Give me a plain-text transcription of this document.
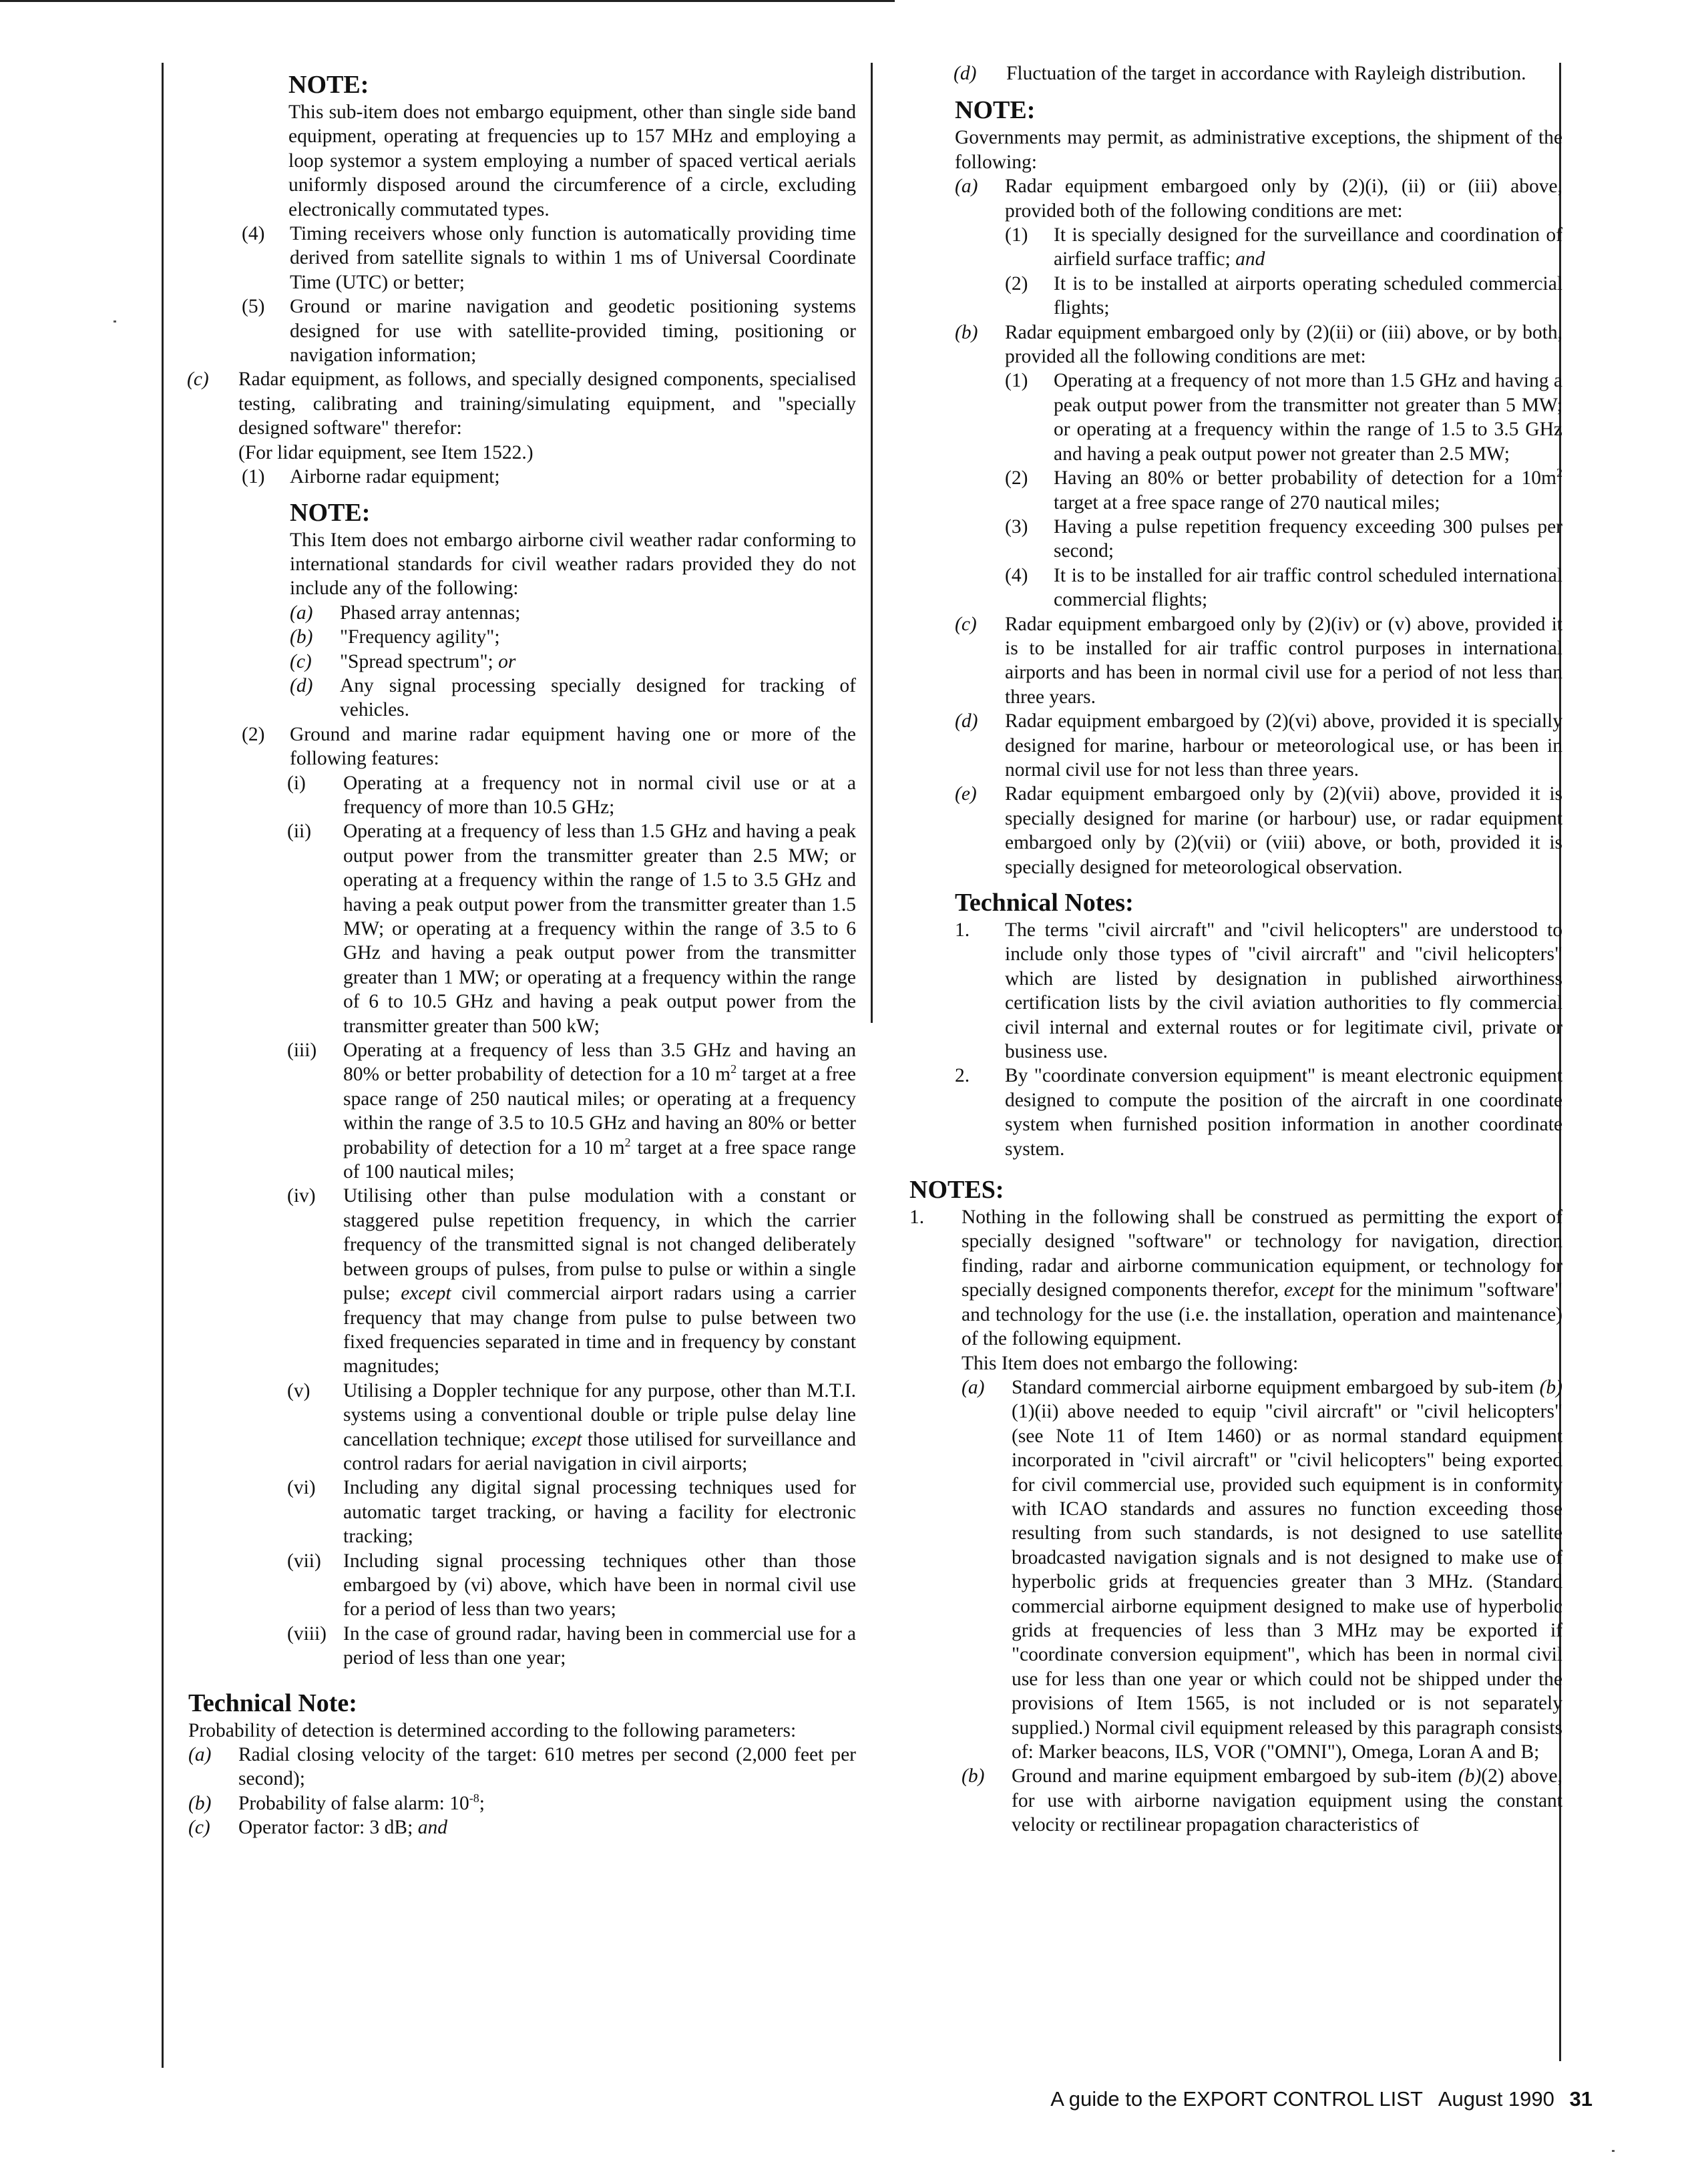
NOTE:

This sub-item does not embargo equipment, other than single side band equipment, operating at frequencies up to 157 MHz and employing a loop systemor a system employing a number of spaced vertical aerials uniformly disposed around the circumference of a circle, excluding electronically commutated types.

(4) Timing receivers whose only function is automatically providing time derived from satellite signals to within 1 ms of Universal Coordinate Time (UTC) or better;
(5) Ground or marine navigation and geodetic positioning systems designed for use with satellite-provided timing, positioning or navigation information;
(c) Radar equipment, as follows, and specially designed components, specialised testing, calibrating and training/simulating equipment, and "specially designed software" therefor:

(For lidar equipment, see Item 1522.)

(1) Airborne radar equipment;

NOTE:

This Item does not embargo airborne civil weather radar conforming to international standards for civil weather radars provided they do not include any of the following:

(a) Phased array antennas;
(b) "Frequency agility";
(c) "Spread spectrum"; or
(d) Any signal processing specially designed for tracking of vehicles.
(2) Ground and marine radar equipment having one or more of the following features:
(i) Operating at a frequency not in normal civil use or at a frequency of more than 10.5 GHz;
(ii) Operating at a frequency of less than 1.5 GHz and having a peak output power from the transmitter greater than 2.5 MW; or operating at a frequency within the range of 1.5 to 3.5 GHz and having a peak output power from the transmitter greater than 1.5 MW; or operating at a frequency within the range of 3.5 to 6 GHz and having a peak output power from the transmitter greater than 1 MW; or operating at a frequency within the range of 6 to 10.5 GHz and having a peak output power from the transmitter greater than 500 kW;
(iii) Operating at a frequency of less than 3.5 GHz and having an 80% or better probability of detection for a 10 $m^2$ target at a free space range of 250 nautical miles; or operating at a frequency within the range of 3.5 to 10.5 GHz and having an 80% or better probability of detection for a 10 $m^2$ target at a free space range of 100 nautical miles;
(iv) Utilising other than pulse modulation with a constant or staggered pulse repetition frequency, in which the carrier frequency of the transmitted signal is not changed deliberately between groups of pulses, from pulse to pulse or within a single pulse; except civil commercial airport radars using a carrier frequency that may change from pulse to pulse between two fixed frequencies separated in time and in frequency by constant magnitudes;
(v) Utilising a Doppler technique for any purpose, other than M.T.I. systems using a conventional double or triple pulse delay line cancellation technique; except those utilised for surveillance and control radars for aerial navigation in civil airports;
(vi) Including any digital signal processing techniques used for automatic target tracking, or having a facility for electronic tracking;
(vii) Including signal processing techniques other than those embargoed by (vi) above, which have been in normal civil use for a period of less than two years;
(viii) In the case of ground radar, having been in commercial use for a period of less than one year;

Technical Note:

Probability of detection is determined according to the following parameters:

(a) Radial closing velocity of the target: 610 metres per second (2,000 feet per second);
(b) Probability of false alarm: $10^{-8}$;
(c) Operator factor: 3 dB; and
(d)	Fluctuation of the target in accordance with Rayleigh distribution.

NOTE:

Governments may permit, as administrative exceptions, the shipment of the following:

(a) Radar equipment embargoed only by (2)(i), (ii) or (iii) above, provided both of the following conditions are met:
(1) It is specially designed for the surveillance and coordination of airfield surface traffic; and
(2) It is to be installed at airports operating scheduled commercial flights;
(b) Radar equipment embargoed only by (2)(ii) or (iii) above, or by both, provided all the following conditions are met:
(1) Operating at a frequency of not more than 1.5 GHz and having a peak output power from the transmitter not greater than 5 MW; or operating at a frequency within the range of 1.5 to 3.5 GHz and having a peak output power not greater than 2.5 MW;
(2) Having an 80% or better probability of detection for a $10m^2$ target at a free space range of 270 nautical miles;
(3) Having a pulse repetition frequency exceeding 300 pulses per second;
(4) It is to be installed for air traffic control scheduled international commercial flights;
(c) Radar equipment embargoed only by (2)(iv) or (v) above, provided it is to be installed for air traffic control purposes in international airports and has been in normal civil use for a period of not less than three years.
(d) Radar equipment embargoed by (2)(vi) above, provided it is specially designed for marine, harbour or meteorological use, or has been in normal civil use for not less than three years.
(e) Radar equipment embargoed only by (2)(vii) above, provided it is specially designed for marine (or harbour) use, or radar equipment embargoed only by (2)(vii) or (viii) above, or both, provided it is specially designed for meteorological observation.

Technical Notes:

1. The terms "civil aircraft" and "civil helicopters" are understood to include only those types of "civil aircraft" and "civil helicopters" which are listed by designation in published airworthiness certification lists by the civil aviation authorities to fly commercial civil internal and external routes or for legitimate civil, private or business use.
2. By "coordinate conversion equipment" is meant electronic equipment designed to compute the position of the aircraft in one coordinate system when furnished position information in another coordinate system.

NOTES:

1. Nothing in the following shall be construed as permitting the export of specially designed "software" or technology for navigation, direction finding, radar and airborne communication equipment, or technology for specially designed components therefor, except for the minimum "software" and technology for the use (i.e. the installation, operation and maintenance) of the following equipment.

This Item does not embargo the following:

(a) Standard commercial airborne equipment embargoed by sub-item (b)(1)(ii) above needed to equip "civil aircraft" or "civil helicopters" (see Note 11 of Item 1460) or as normal standard equipment incorporated in "civil aircraft" or "civil helicopters" being exported for civil commercial use, provided such equipment is in conformity with ICAO standards and assures no function exceeding those resulting from such standards, is not designed to use satellite broadcasted navigation signals and is not designed to make use of hyperbolic grids at frequencies greater than 3 MHz. (Standard commercial airborne equipment designed to make use of hyperbolic grids at frequencies of less than 3 MHz may be exported if "coordinate conversion equipment", which has been in normal civil use for less than one year or which could not be shipped under the provisions of Item 1565, is not included or is not separately supplied.) Normal civil equipment released by this paragraph consists of: Marker beacons, ILS, VOR ("OMNI"), Omega, Loran A and B;
(b) Ground and marine equipment embargoed by sub-item (b)(2) above, for use with airborne navigation equipment using the constant velocity or rectilinear propagation characteristics of
A guide to the EXPORT CONTROL LIST August 1990 31
